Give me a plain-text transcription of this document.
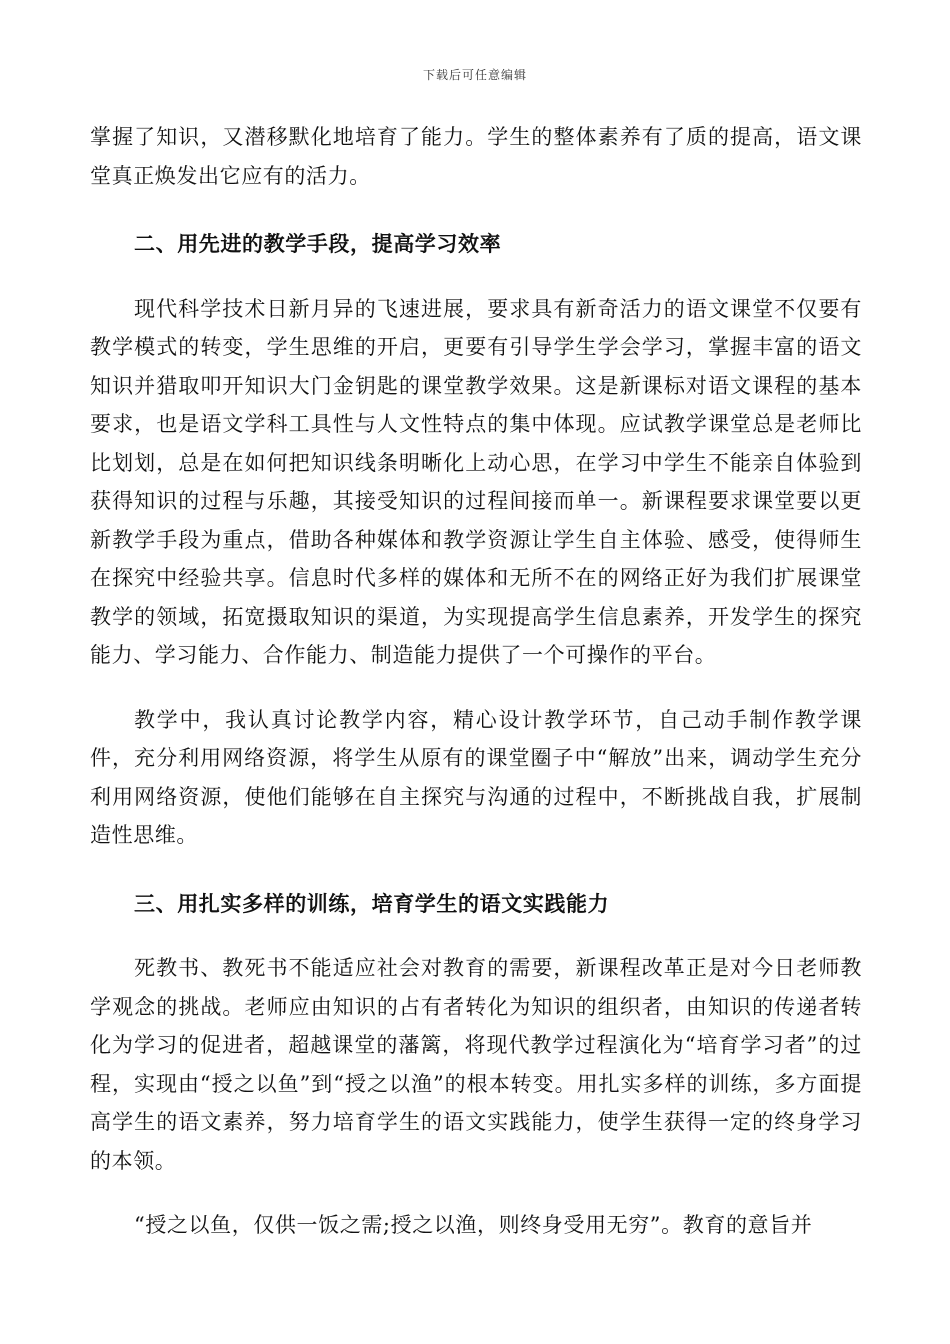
下载后可任意编辑

掌握了知识，又潜移默化地培育了能力。学生的整体素养有了质的提高，语文课堂真正焕发出它应有的活力。

二、用先进的教学手段，提高学习效率

现代科学技术日新月异的飞速进展，要求具有新奇活力的语文课堂不仅要有教学模式的转变，学生思维的开启，更要有引导学生学会学习，掌握丰富的语文知识并猎取叩开知识大门金钥匙的课堂教学效果。这是新课标对语文课程的基本要求，也是语文学科工具性与人文性特点的集中体现。应试教学课堂总是老师比比划划，总是在如何把知识线条明晰化上动心思，在学习中学生不能亲自体验到获得知识的过程与乐趣，其接受知识的过程间接而单一。新课程要求课堂要以更新教学手段为重点，借助各种媒体和教学资源让学生自主体验、感受，使得师生在探究中经验共享。信息时代多样的媒体和无所不在的网络正好为我们扩展课堂教学的领域，拓宽摄取知识的渠道，为实现提高学生信息素养，开发学生的探究能力、学习能力、合作能力、制造能力提供了一个可操作的平台。

教学中，我认真讨论教学内容，精心设计教学环节，自己动手制作教学课件，充分利用网络资源，将学生从原有的课堂圈子中“解放”出来，调动学生充分利用网络资源，使他们能够在自主探究与沟通的过程中，不断挑战自我，扩展制造性思维。

三、用扎实多样的训练，培育学生的语文实践能力

死教书、教死书不能适应社会对教育的需要，新课程改革正是对今日老师教学观念的挑战。老师应由知识的占有者转化为知识的组织者，由知识的传递者转化为学习的促进者，超越课堂的藩篱，将现代教学过程演化为“培育学习者”的过程，实现由“授之以鱼”到“授之以渔”的根本转变。用扎实多样的训练，多方面提高学生的语文素养，努力培育学生的语文实践能力，使学生获得一定的终身学习的本领。

“授之以鱼，仅供一饭之需;授之以渔，则终身受用无穷”。教育的意旨并
